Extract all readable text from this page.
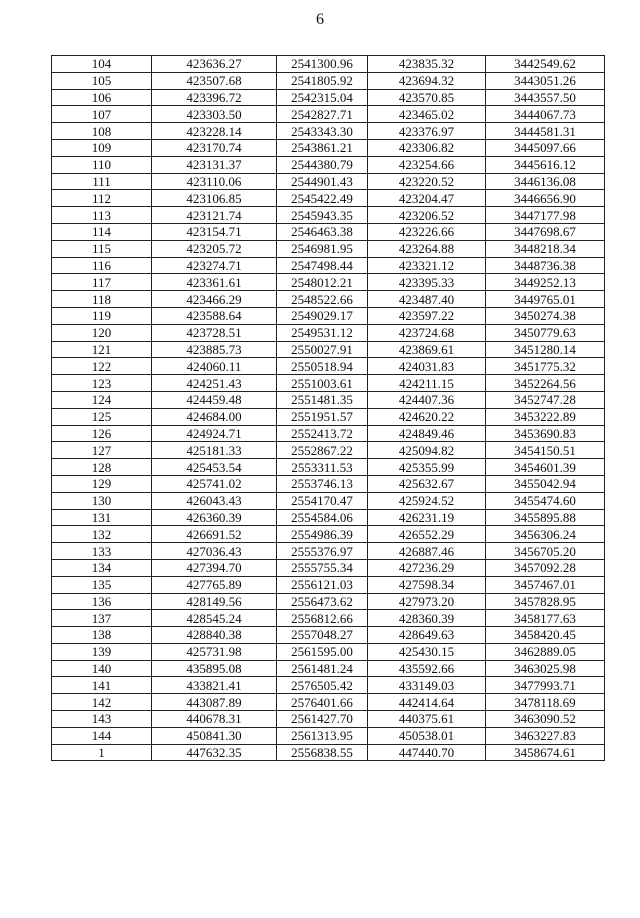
6
104	423636.27	2541300.96	423835.32	3442549.62
105	423507.68	2541805.92	423694.32	3443051.26
106	423396.72	2542315.04	423570.85	3443557.50
107	423303.50	2542827.71	423465.02	3444067.73
108	423228.14	2543343.30	423376.97	3444581.31
109	423170.74	2543861.21	423306.82	3445097.66
110	423131.37	2544380.79	423254.66	3445616.12
111	423110.06	2544901.43	423220.52	3446136.08
112	423106.85	2545422.49	423204.47	3446656.90
113	423121.74	2545943.35	423206.52	3447177.98
114	423154.71	2546463.38	423226.66	3447698.67
115	423205.72	2546981.95	423264.88	3448218.34
116	423274.71	2547498.44	423321.12	3448736.38
117	423361.61	2548012.21	423395.33	3449252.13
118	423466.29	2548522.66	423487.40	3449765.01
119	423588.64	2549029.17	423597.22	3450274.38
120	423728.51	2549531.12	423724.68	3450779.63
121	423885.73	2550027.91	423869.61	3451280.14
122	424060.11	2550518.94	424031.83	3451775.32
123	424251.43	2551003.61	424211.15	3452264.56
124	424459.48	2551481.35	424407.36	3452747.28
125	424684.00	2551951.57	424620.22	3453222.89
126	424924.71	2552413.72	424849.46	3453690.83
127	425181.33	2552867.22	425094.82	3454150.51
128	425453.54	2553311.53	425355.99	3454601.39
129	425741.02	2553746.13	425632.67	3455042.94
130	426043.43	2554170.47	425924.52	3455474.60
131	426360.39	2554584.06	426231.19	3455895.88
132	426691.52	2554986.39	426552.29	3456306.24
133	427036.43	2555376.97	426887.46	3456705.20
134	427394.70	2555755.34	427236.29	3457092.28
135	427765.89	2556121.03	427598.34	3457467.01
136	428149.56	2556473.62	427973.20	3457828.95
137	428545.24	2556812.66	428360.39	3458177.63
138	428840.38	2557048.27	428649.63	3458420.45
139	425731.98	2561595.00	425430.15	3462889.05
140	435895.08	2561481.24	435592.66	3463025.98
141	433821.41	2576505.42	433149.03	3477993.71
142	443087.89	2576401.66	442414.64	3478118.69
143	440678.31	2561427.70	440375.61	3463090.52
144	450841.30	2561313.95	450538.01	3463227.83
1	447632.35	2556838.55	447440.70	3458674.61
